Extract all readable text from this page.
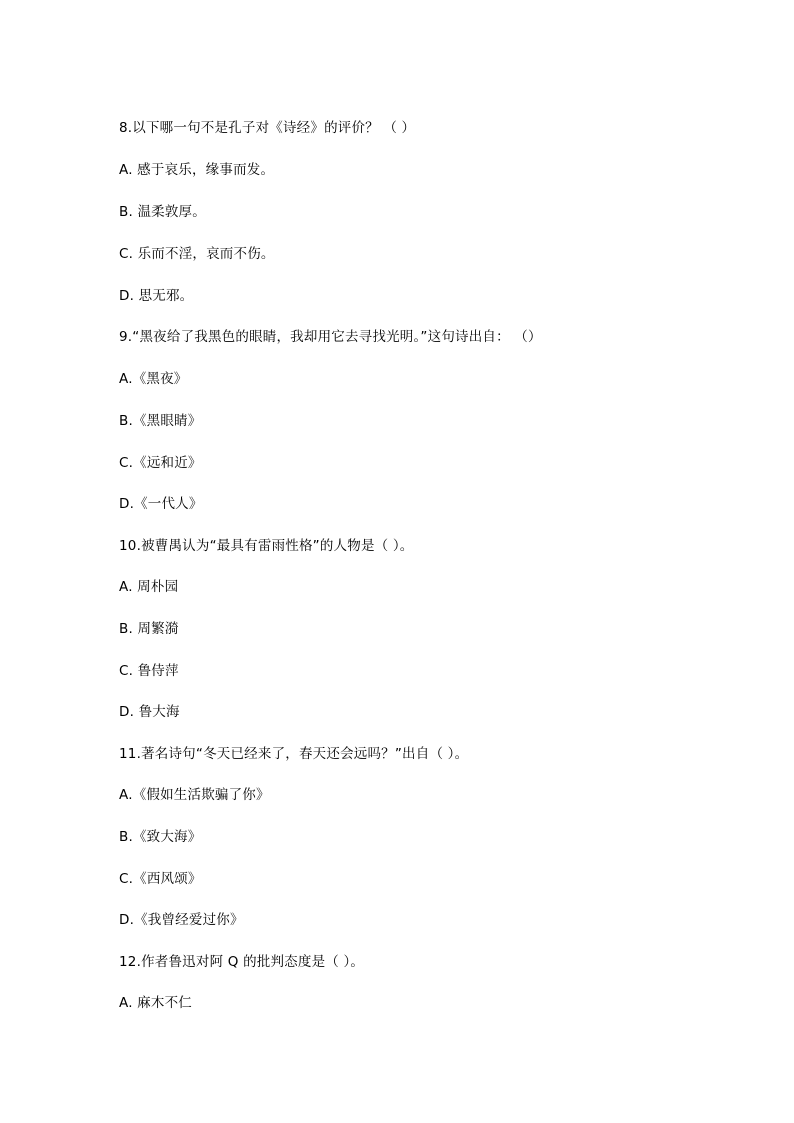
8.以下哪一句不是孔子对《诗经》的评价？ （ ）
A. 感于哀乐，缘事而发。
B. 温柔敦厚。
C. 乐而不淫，哀而不伤。
D. 思无邪。
9.“黑夜给了我黑色的眼睛，我却用它去寻找光明。”这句诗出自： （）
A.《黑夜》
B.《黑眼睛》
C.《远和近》
D.《一代人》
10.被曹禺认为“最具有雷雨性格”的人物是（ ）。
A. 周朴园
B. 周繁漪
C. 鲁侍萍
D. 鲁大海
11.著名诗句“冬天已经来了，春天还会远吗？”出自（ ）。
A.《假如生活欺骗了你》
B.《致大海》
C.《西风颂》
D.《我曾经爱过你》
12.作者鲁迅对阿 Q 的批判态度是（ ）。
A. 麻木不仁
